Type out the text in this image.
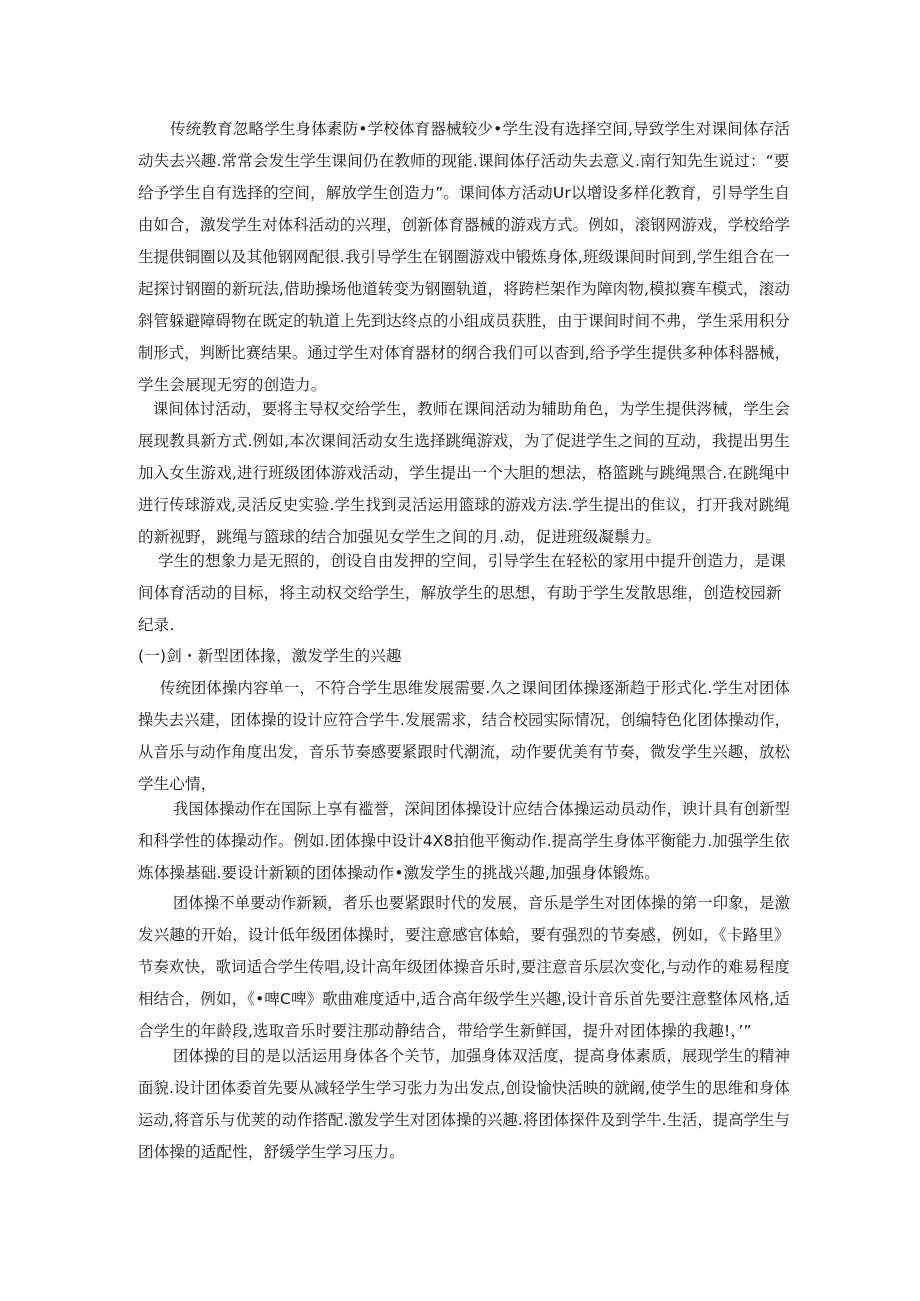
传统教育忽略学生身体素防•学校体育器械较少•学生没有选择空间,导致学生对课间体存活
动失去兴趣.常常会发生学生课间仍在教师的现能.课间体仔活动失去意义.南行知先生说过：“要
给予学生自有选择的空间，解放学生创造力”。课间体方活动Ur以增设多样化教育，引导学生自
由如合，激发学生对体科活动的兴理，创新体育器械的游戏方式。例如，滚钢网游戏，学校给学
生提供铜圈以及其他钢网配很.我引导学生在钢圈游戏中锻炼身体,班级课间时间到,学生组合在一
起探讨钢圈的新玩法,借助操场他道转变为钢圈轨道，将跨栏架作为障肉物,模拟赛车模式，滚动
斜管躲避障碍物在既定的轨道上先到达终点的小组成员获胜，由于课间时间不弗，学生采用积分
制形式，判断比赛结果。通过学生对体育器材的纲合我们可以杳到,给予学生提供多种体科器械，
学生会展现无穷的创造力。
课间体讨活动，要将主导权交给学生，教师在课间活动为辅助角色，为学生提供涔械，学生会
展现教具新方式.例如,本次课间活动女生选择跳绳游戏，为了促进学生之间的互动，我提出男生
加入女生游戏,进行班级团体游戏活动，学生提出一个大胆的想法，格篮跳与跳绳黑合.在跳绳中
进行传球游戏,灵活反史实验.学生找到灵活运用篮球的游戏方法.学生提出的隹议，打开我对跳绳
的新视野，跳绳与篮球的结合加强见女学生之间的月.动，促进班级凝鬃力。
学生的想象力是无照的，创设自由发押的空间，引导学生在轻松的家用中提升创造力，是课
间体育活动的目标，将主动权交给学生，解放学生的思想，有助于学生发散思维，创造校园新
纪录.
(一)剑・新型团体掾，激发学生的兴趣
传统团体操内容单一，不符合学生思维发展需要.久之课间团体操逐渐趋于形式化.学生对团体
操失去兴建，团体操的设计应符合学牛.发展需求，结合校园实际情况，创编特色化团体操动作，
从音乐与动作角度出发，音乐节奏感要紧跟时代潮流，动作要优美有节奏，微发学生兴趣，放松
学生心情，
我国体操动作在国际上享有褴誉，深间团体操设计应结合体操运动员动作，谀计具有创新型
和科学性的体操动作。例如.团体操中设计4X8拍他平衡动作.提高学生身体平衡能力.加强学生依
炼体操基础.要设计新颖的团体操动作•激发学生的挑战兴趣,加强身体锻炼。
团体操不单要动作新颖，者乐也要紧跟时代的发展，音乐是学生对团体操的第一印象，是激
发兴趣的开始，设计低年级团体操时，要注意感官体蛤，要有强烈的节奏感，例如，《卡路里》
节奏欢快，歌词适合学生传唱,设计高年级团体操音乐时,要注意音乐层次变化,与动作的难易程度
相结合，例如，《•啤C啤》歌曲难度适中,适合高年级学生兴趣,设计音乐首先要注意整体风格,适
合学生的年龄段,选取音乐时要注那动静结合，带给学生新鲜国，提升对团体操的我趣!，’”
团体操的目的是以活运用身体各个关节，加强身体双活度，提高身体素质，展现学生的精神
面貌.设计团体委首先要从减轻学生学习张力为出发点,创设愉快活映的就阚,使学生的思维和身体
运动,将音乐与优荚的动作搭配.激发学生对团体操的兴趣.将团体探件及到学牛.生活，提高学生与
团体操的适配性，舒缓学生学习压力。
